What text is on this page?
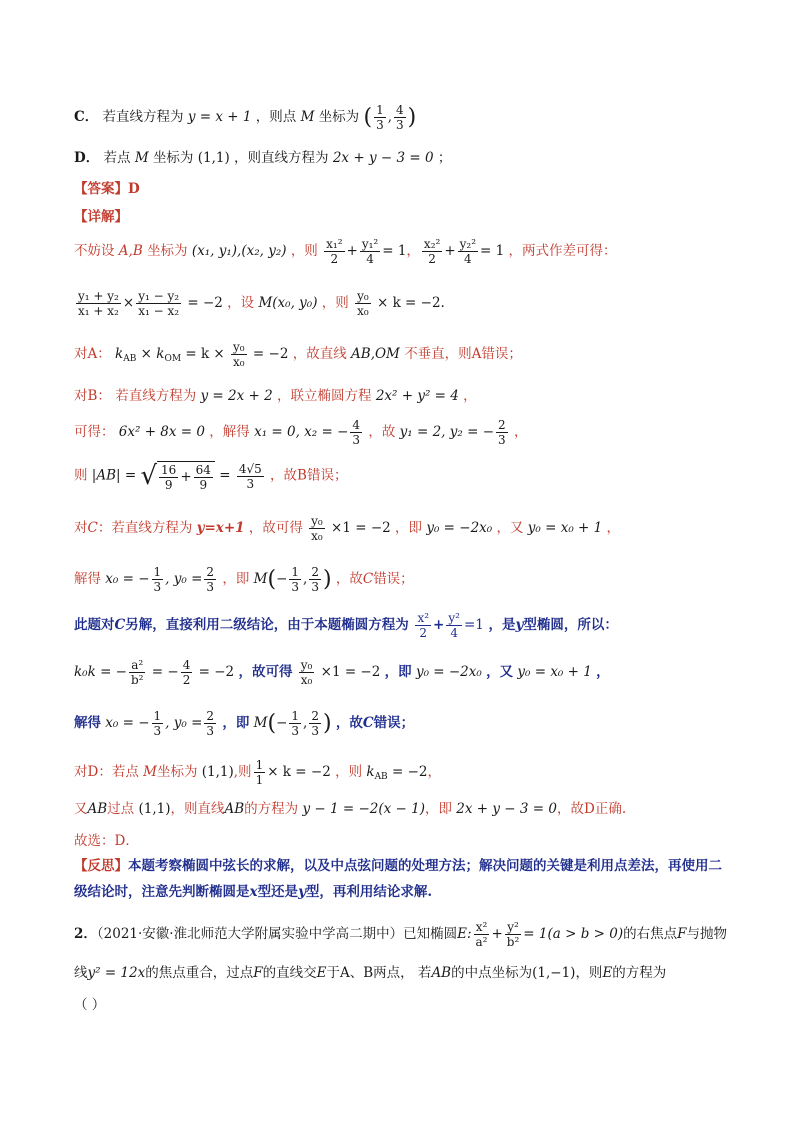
C． 若直线方程为 y = x + 1 ，则点 M 坐标为 ( $\frac{1}{3}$ , $\frac{4}{3}$ )
D． 若点 M 坐标为 (1,1) ，则直线方程为 2x + y − 3 = 0 ；
【答案】D
【详解】
不妨设 A,B 坐标为 (x₁, y₁),(x₂, y₂) ，则 $\frac{\text{x₁²}}{2} + \frac{\text{y₁²}}{4} = 1$， $\frac{\text{x₂²}}{2} + \frac{\text{y₂²}}{4} = 1$ ，两式作差可得：
$\frac{\text{y₁ + y₂}}{\text{x₁ + x₂}} \times \frac{\text{y₁ − y₂}}{\text{x₁ − x₂}} = -2$ ，设 M(x₀, y₀) ，则 $\frac{\text{y₀}}{\text{x₀}} \times k = -2$.
对A： $k_{AB} \times k_{OM} = k \times \frac{\text{y₀}}{\text{x₀}} = -2$ ，故直线 AB,OM 不垂直，则A错误；
对B： 若直线方程为 y = 2x + 2 ，联立椭圆方程 2x² + y² = 4 ，
可得： 6x² + 8x = 0 ，解得 x₁ = 0, x₂ = − $\frac{4}{3}$ ，故 y₁ = 2, y₂ = − $\frac{2}{3}$ ，
则 |AB| = √ $\frac{16}{9} + \frac{64}{9} = \frac{4√5}{3}$ ，故B错误；
对C：若直线方程为 y=x+1 ，故可得 $\frac{\text{y₀}}{\text{x₀}} \times 1 = -2$ ，即 y₀ = −2x₀ ，又 y₀ = x₀ + 1 ，
解得 x₀ = − $\frac{1}{3}$ , $y_0 = \frac{2}{3}$ ，即 $M(- \frac{1}{3}$ , $\frac{2}{3}$ ) ，故C错误；
此题对C另解，直接利用二级结论，由于本题椭圆方程为 $\frac{\text{x²}}{2} + \frac{\text{y²}}{4} =1$ ，是y型椭圆，所以：
k₀k = − $\frac{\text{a²}}{\text{b²}}$ = − $\frac{4}{2} = -2$ ，故可得 $\frac{\text{y₀}}{\text{x₀}} \times 1 = -2$ ，即 y₀ = −2x₀ ，又 y₀ = x₀ + 1 ，
解得 x₀ = − $\frac{1}{3}$ , $y_0 = \frac{2}{3}$ ，即 $M(- \frac{1}{3}$ , $\frac{2}{3}$ ) ，故C错误；
对D：若点 M坐标为 (1,1),则 $\frac{1}{1} \times k = -2$ ，则 $k_{AB} = -2$，
又AB过点 (1,1)，则直线AB的方程为 y − 1 = −2(x − 1)，即 2x + y − 3 = 0，故D正确.
故选：D．
【反思】本题考察椭圆中弦长的求解，以及中点弦问题的处理方法；解决问题的关键是利用点差法，再使用二级结论时，注意先判断椭圆是x型还是y型，再利用结论求解.
2．（2021·安徽·淮北师范大学附属实验中学高二期中）已知椭圆E: $\frac{\text{x²}}{\text{a²}} + \frac{\text{y²}}{\text{b²}} = 1(a > b > 0)$的右焦点F与抛物
线y² = 12x的焦点重合，过点F的直线交E于A、B两点， 若AB的中点坐标为(1,−1)，则E的方程为
（ ）
